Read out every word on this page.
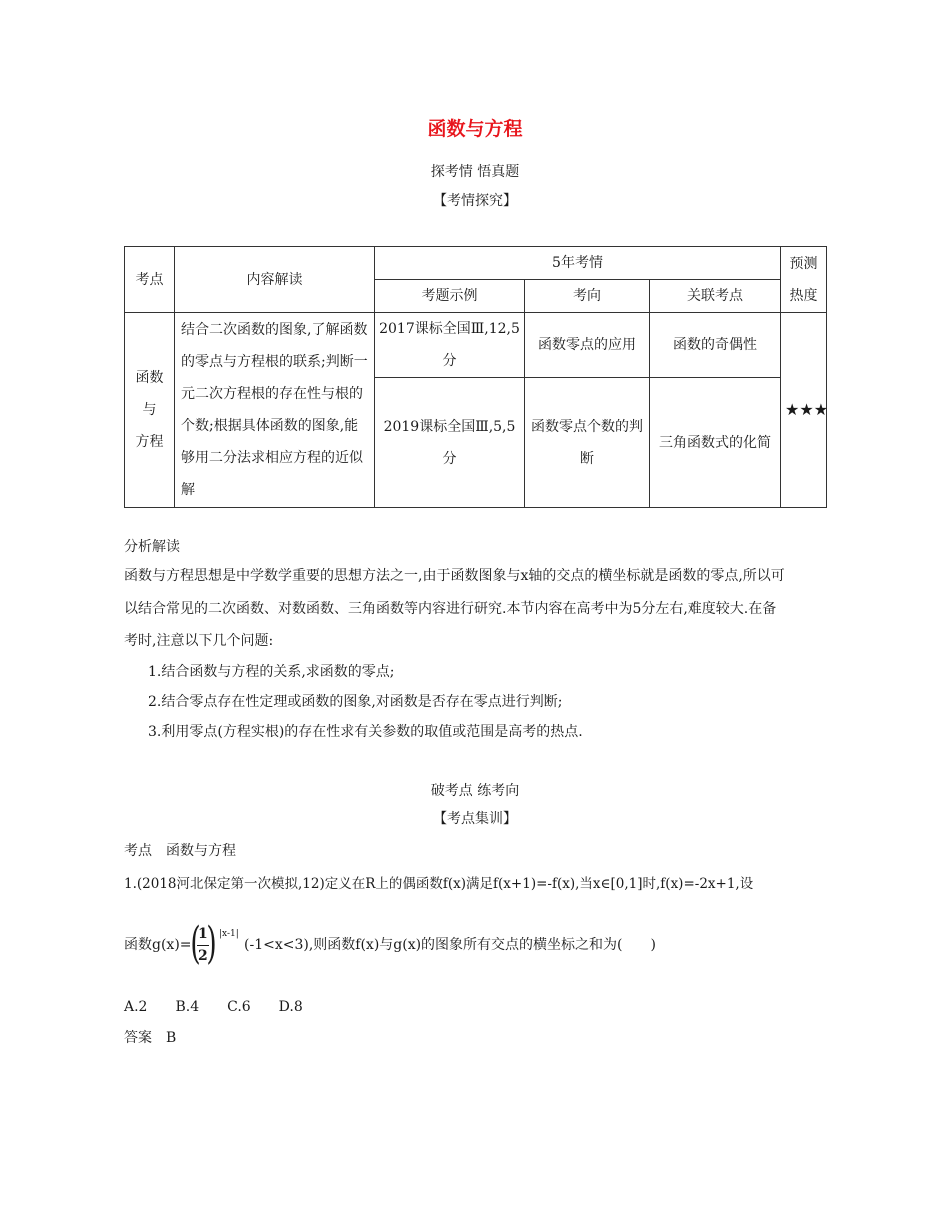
函数与方程
探考情 悟真题
【考情探究】
考点	内容解读	5年考情			预测
热度
		考题示例	考向	关联考点	
函数与
方程	结合二次函数的图象,了解函数的零点与方程根的联系;判断一元二次方程根的存在性与根的个数;根据具体函数的图象,能够用二分法求相应方程的近似解	2017课标全国Ⅲ,12,5分	函数零点的应用	函数的奇偶性	★★★
		2019课标全国Ⅲ,5,5分	函数零点个数的判断	三角函数式的化简	
分析解读
函数与方程思想是中学数学重要的思想方法之一,由于函数图象与x轴的交点的横坐标就是函数的零点,所以可
以结合常见的二次函数、对数函数、三角函数等内容进行研究.本节内容在高考中为5分左右,难度较大.在备
考时,注意以下几个问题:
1.结合函数与方程的关系,求函数的零点;
2.结合零点存在性定理或函数的图象,对函数是否存在零点进行判断;
3.利用零点(方程实根)的存在性求有关参数的取值或范围是高考的热点.
破考点 练考向
【考点集训】
考点　函数与方程
1.(2018河北保定第一次模拟,12)定义在R上的偶函数f(x)满足f(x+1)=-f(x),当x∈[0,1]时,f(x)=-2x+1,设
函数g(x)=
(
1
2
) |x-1|
(-1<x<3),则函数f(x)与g(x)的图象所有交点的横坐标之和为(　　)
A.2　　B.4　　C.6　　D.8
答案　B
